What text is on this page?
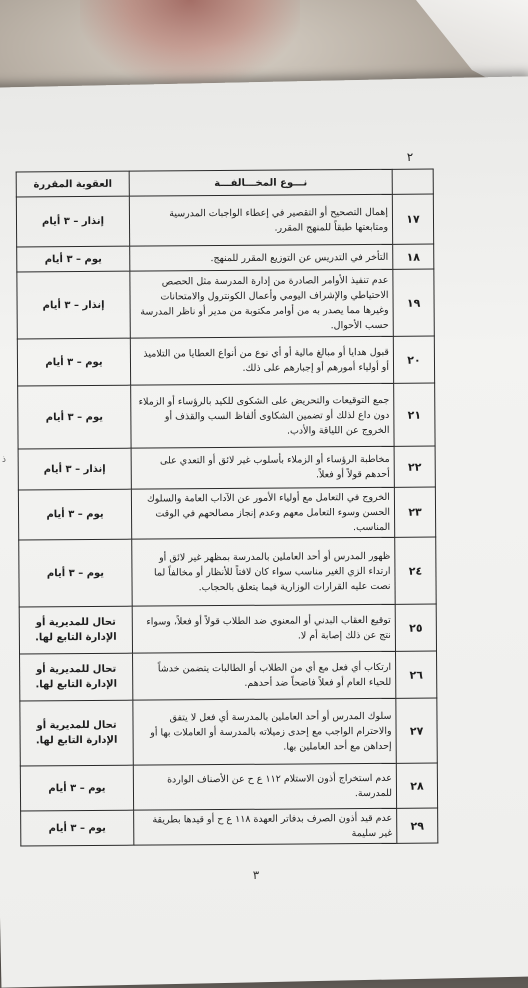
٢
ذ
	نـــوع المخـــالفـــة	العقوبة المقررة
١٧	إهمال التصحيح أو التقصير في إعطاء الواجبات المدرسية ومتابعتها طبقاً للمنهج المقرر.	إنذار – ٣ أيام
١٨	التأخر في التدريس عن التوزيع المقرر للمنهج.	يوم – ٣ أيام
١٩	عدم تنفيذ الأوامر الصادرة من إدارة المدرسة مثل الحصص الاحتياطي والإشراف اليومي وأعمال الكونترول والامتحانات وغيرها مما يصدر به من أوامر مكتوبة من مدير أو ناظر المدرسة حسب الأحوال.	إنذار – ٣ أيام
٢٠	قبول هدايا أو مبالغ مالية أو أي نوع من أنواع العطايا من التلاميذ أو أولياء أمورهم أو إجبارهم على ذلك.	يوم – ٣ أيام
٢١	جمع التوقيعات والتحريض على الشكوى للكيد بالرؤساء أو الزملاء دون داع لذلك أو تضمين الشكاوى ألفاظ السب والقذف أو الخروج عن اللياقة والأدب.	يوم – ٣ أيام
٢٢	مخاطبة الرؤساء أو الزملاء بأسلوب غير لائق أو التعدي على أحدهم قولاً أو فعلاً.	إنذار – ٣ أيام
٢٣	الخروج في التعامل مع أولياء الأمور عن الآداب العامة والسلوك الحسن وسوء التعامل معهم وعدم إنجاز مصالحهم في الوقت المناسب.	يوم – ٣ أيام
٢٤	ظهور المدرس أو أحد العاملين بالمدرسة بمظهر غير لائق أو ارتداء الزي الغير مناسب سواء كان لافتاً للأنظار أو مخالفاً لما نصت عليه القرارات الوزارية فيما يتعلق بالحجاب.	يوم – ٣ أيام
٢٥	توقيع العقاب البدني أو المعنوي ضد الطلاب قولاً أو فعلاً، وسواء نتج عن ذلك إصابة أم لا.	تحال للمديرية أو الإدارة التابع لها.
٢٦	ارتكاب أي فعل مع أي من الطلاب أو الطالبات يتضمن خدشاً للحياء العام أو فعلاً فاضحاً ضد أحدهم.	تحال للمديرية أو الإدارة التابع لها.
٢٧	سلوك المدرس أو أحد العاملين بالمدرسة أي فعل لا يتفق والاحترام الواجب مع إحدى زميلاته بالمدرسة أو العاملات بها أو إحداهن مع أحد العاملين بها.	تحال للمديرية أو الإدارة التابع لها.
٢٨	عدم استخراج أذون الاستلام ١١٢ ع ح عن الأصناف الواردة للمدرسة.	يوم – ٣ أيام
٢٩	عدم قيد أذون الصرف بدفاتر العهدة ١١٨ ع ح أو قيدها بطريقة غير سليمة	يوم – ٣ أيام
٣
